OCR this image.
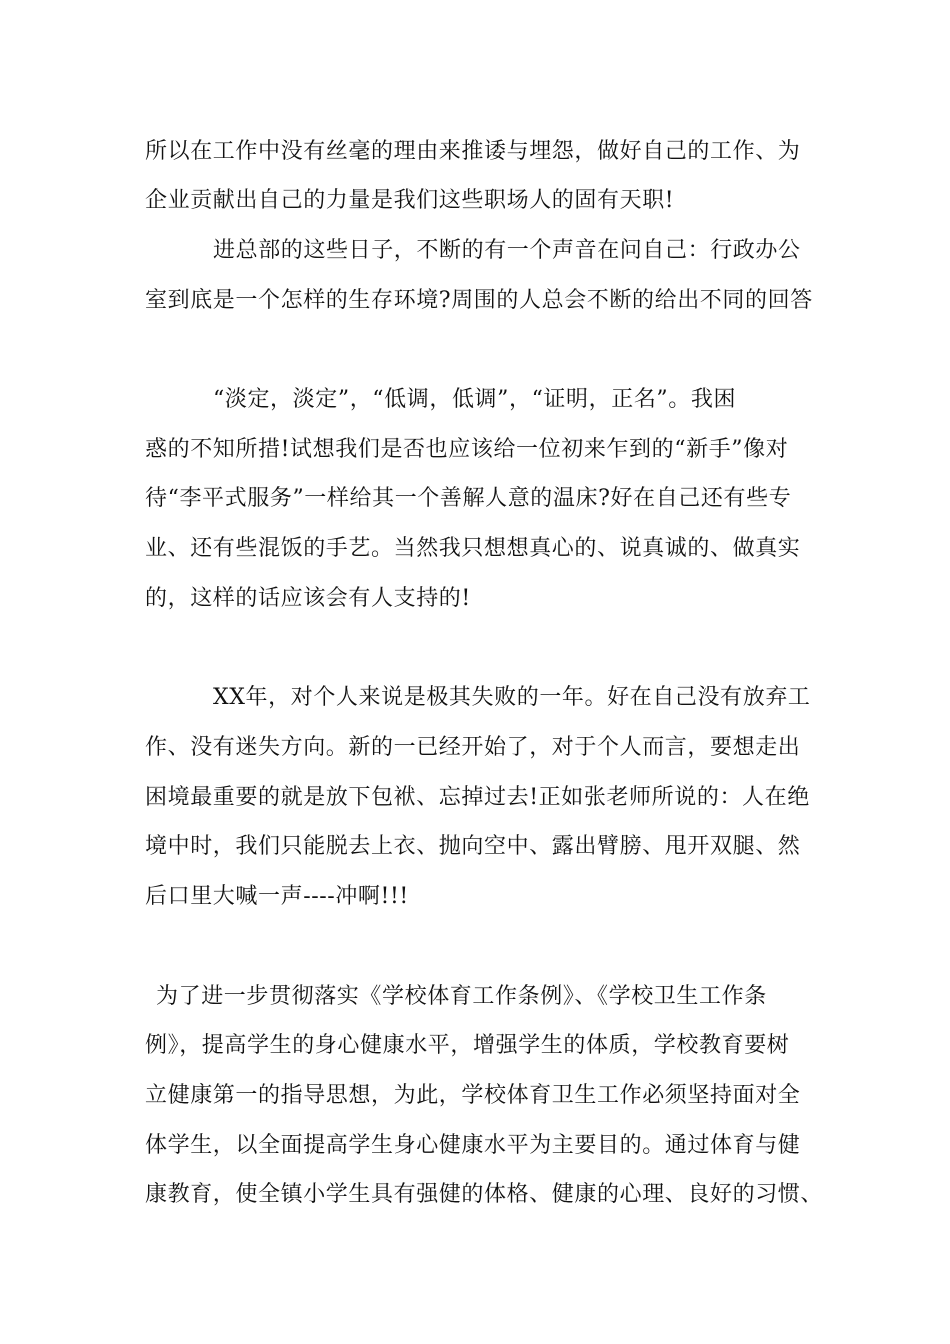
所以在工作中没有丝毫的理由来推诿与埋怨，做好自己的工作、为

企业贡献出自己的力量是我们这些职场人的固有天职!

进总部的这些日子，不断的有一个声音在问自己：行政办公

室到底是一个怎样的生存环境?周围的人总会不断的给出不同的回答

“淡定，淡定”，“低调，低调”，“证明，正名”。我困

惑的不知所措!试想我们是否也应该给一位初来乍到的“新手”像对

待“李平式服务”一样给其一个善解人意的温床?好在自己还有些专

业、还有些混饭的手艺。当然我只想想真心的、说真诚的、做真实

的，这样的话应该会有人支持的!

XX年，对个人来说是极其失败的一年。好在自己没有放弃工

作、没有迷失方向。新的一已经开始了，对于个人而言，要想走出

困境最重要的就是放下包袱、忘掉过去!正如张老师所说的：人在绝

境中时，我们只能脱去上衣、抛向空中、露出臂膀、甩开双腿、然

后口里大喊一声----冲啊!!!

为了进一步贯彻落实《学校体育工作条例》、《学校卫生工作条

例》，提高学生的身心健康水平，增强学生的体质，学校教育要树

立健康第一的指导思想，为此，学校体育卫生工作必须坚持面对全

体学生，以全面提高学生身心健康水平为主要目的。通过体育与健

康教育，使全镇小学生具有强健的体格、健康的心理、良好的习惯、
